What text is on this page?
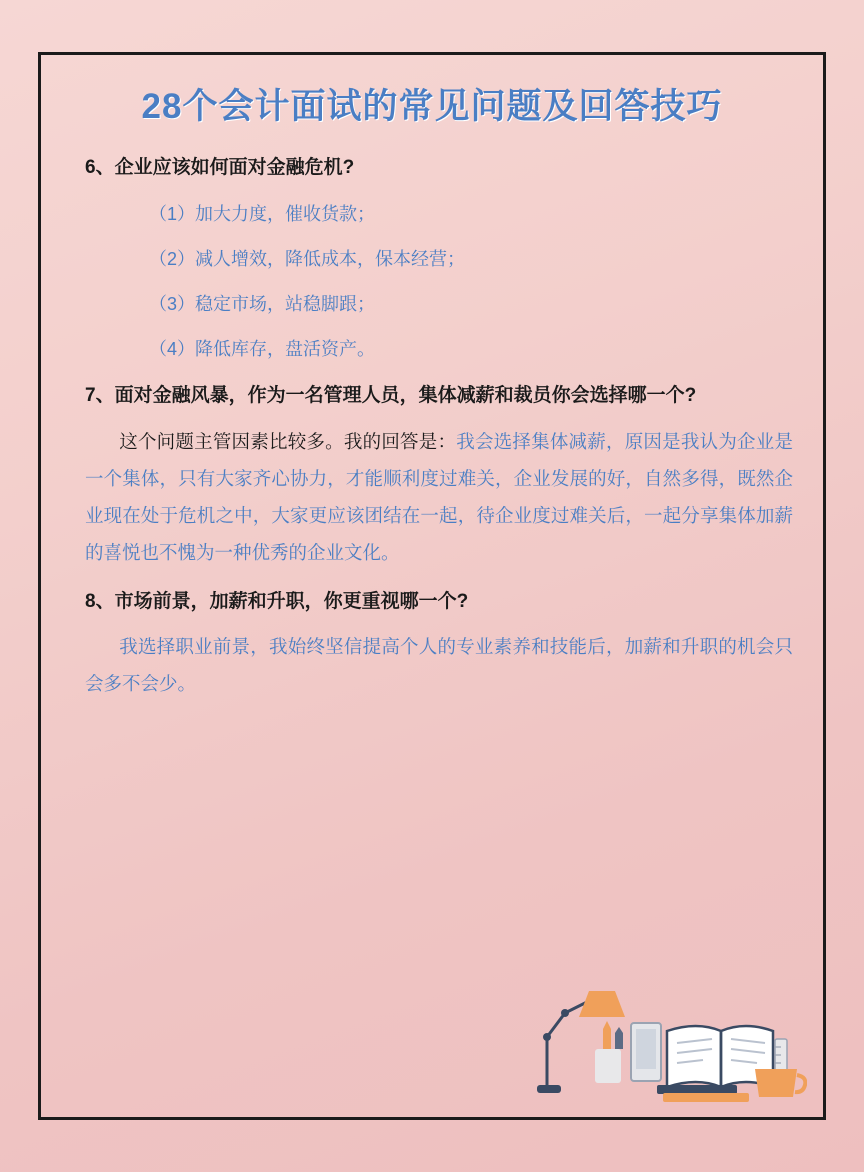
28个会计面试的常见问题及回答技巧
6、企业应该如何面对金融危机?
（1）加大力度，催收货款；
（2）减人增效，降低成本，保本经营；
（3）稳定市场，站稳脚跟；
（4）降低库存，盘活资产。
7、面对金融风暴，作为一名管理人员，集体减薪和裁员你会选择哪一个?
这个问题主管因素比较多。我的回答是：我会选择集体减薪，原因是我认为企业是一个集体，只有大家齐心协力，才能顺利度过难关，企业发展的好，自然多得，既然企业现在处于危机之中，大家更应该团结在一起，待企业度过难关后，一起分享集体加薪的喜悦也不愧为一种优秀的企业文化。
8、市场前景，加薪和升职，你更重视哪一个?
我选择职业前景，我始终坚信提高个人的专业素养和技能后，加薪和升职的机会只会多不会少。
